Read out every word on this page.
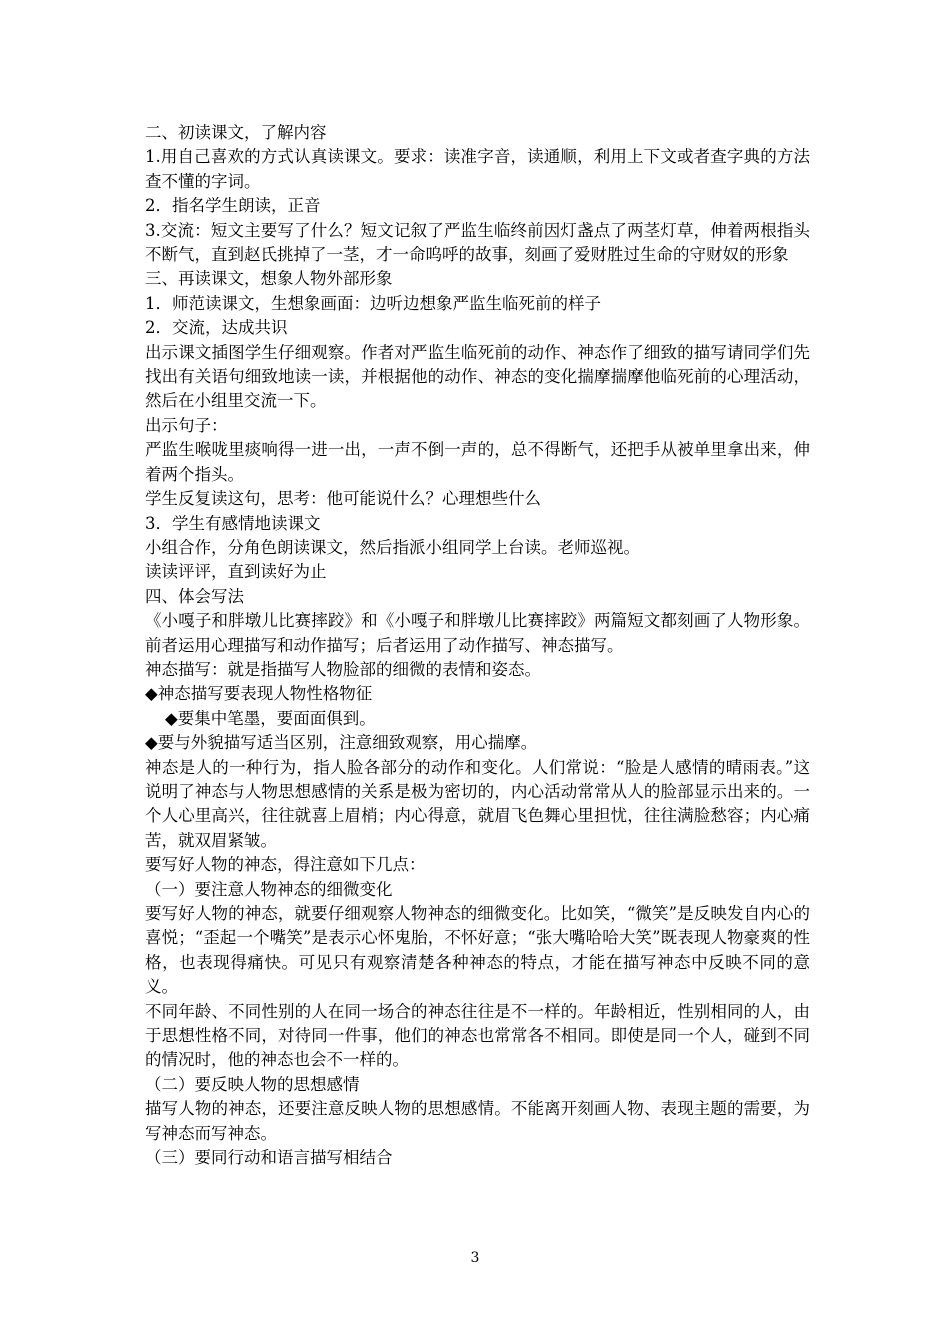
二、初读课文，了解内容

1.用自己喜欢的方式认真读课文。要求：读准字音，读通顺，利用上下文或者查字典的方法查不懂的字词。

2．指名学生朗读，正音

3.交流：短文主要写了什么？短文记叙了严监生临终前因灯盏点了两茎灯草，伸着两根指头不断气，直到赵氏挑掉了一茎，才一命呜呼的故事，刻画了爱财胜过生命的守财奴的形象

三、再读课文，想象人物外部形象

1．师范读课文，生想象画面：边听边想象严监生临死前的样子

2．交流，达成共识

出示课文插图学生仔细观察。作者对严监生临死前的动作、神态作了细致的描写请同学们先找出有关语句细致地读一读，并根据他的动作、神态的变化揣摩揣摩他临死前的心理活动，然后在小组里交流一下。

出示句子：

严监生喉咙里痰响得一进一出，一声不倒一声的，总不得断气，还把手从被单里拿出来，伸着两个指头。

学生反复读这句，思考：他可能说什么？心理想些什么

3．学生有感情地读课文

小组合作，分角色朗读课文，然后指派小组同学上台读。老师巡视。

读读评评，直到读好为止

四、体会写法

《小嘎子和胖墩儿比赛摔跤》和《小嘎子和胖墩儿比赛摔跤》两篇短文都刻画了人物形象。前者运用心理描写和动作描写；后者运用了动作描写、神态描写。

神态描写：就是指描写人物脸部的细微的表情和姿态。

◆神态描写要表现人物性格物征

◆要集中笔墨，要面面俱到。

◆要与外貌描写适当区别，注意细致观察，用心揣摩。

神态是人的一种行为，指人脸各部分的动作和变化。人们常说：“脸是人感情的晴雨表。”这说明了神态与人物思想感情的关系是极为密切的，内心活动常常从人的脸部显示出来的。一个人心里高兴，往往就喜上眉梢；内心得意，就眉飞色舞心里担忧，往往满脸愁容；内心痛苦，就双眉紧皱。

要写好人物的神态，得注意如下几点：

（一）要注意人物神态的细微变化

要写好人物的神态，就要仔细观察人物神态的细微变化。比如笑，“微笑”是反映发自内心的喜悦；“歪起一个嘴笑”是表示心怀鬼胎，不怀好意；“张大嘴哈哈大笑”既表现人物豪爽的性格，也表现得痛快。可见只有观察清楚各种神态的特点，才能在描写神态中反映不同的意义。

不同年龄、不同性别的人在同一场合的神态往往是不一样的。年龄相近，性别相同的人，由于思想性格不同，对待同一件事，他们的神态也常常各不相同。即使是同一个人，碰到不同的情况时，他的神态也会不一样的。

（二）要反映人物的思想感情

描写人物的神态，还要注意反映人物的思想感情。不能离开刻画人物、表现主题的需要，为写神态而写神态。

（三）要同行动和语言描写相结合

3
